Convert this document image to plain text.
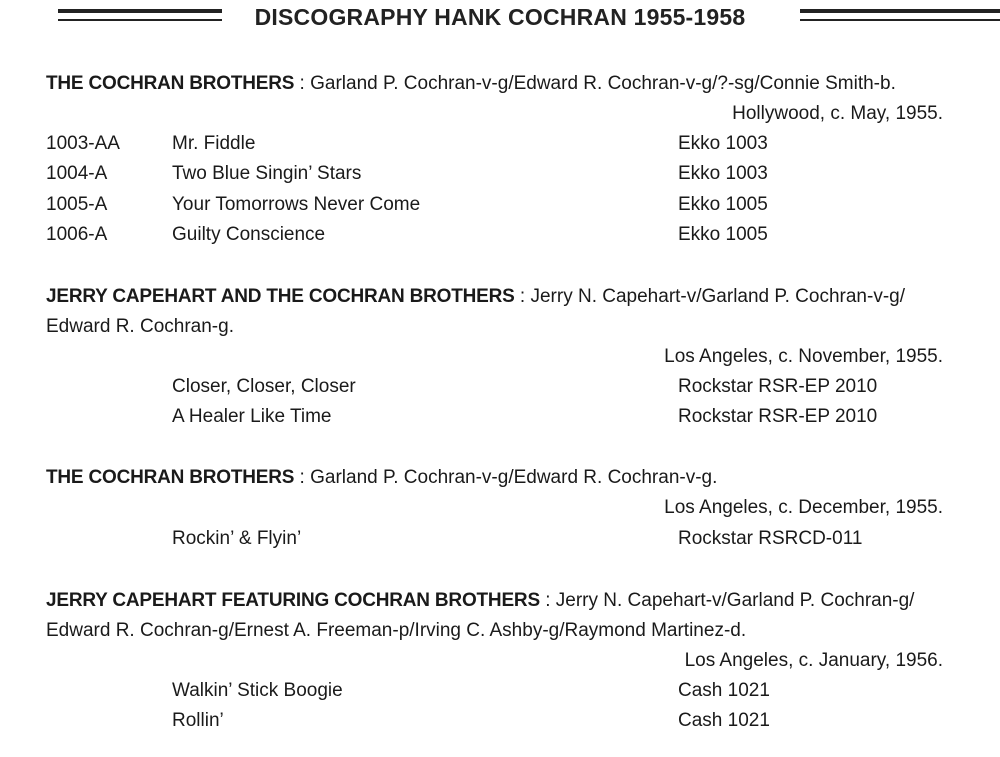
DISCOGRAPHY HANK COCHRAN 1955-1958
THE COCHRAN BROTHERS : Garland P. Cochran-v-g/Edward R. Cochran-v-g/?-sg/Connie Smith-b.
Hollywood, c. May, 1955.
1003-AA	Mr. Fiddle	Ekko 1003
1004-A	Two Blue Singin’ Stars	Ekko 1003
1005-A	Your Tomorrows Never Come	Ekko 1005
1006-A	Guilty Conscience	Ekko 1005
JERRY CAPEHART AND THE COCHRAN BROTHERS : Jerry N. Capehart-v/Garland P. Cochran-v-g/
Edward R. Cochran-g.
Los Angeles, c. November, 1955.
Closer, Closer, Closer	Rockstar RSR-EP 2010
A Healer Like Time	Rockstar RSR-EP 2010
THE COCHRAN BROTHERS : Garland P. Cochran-v-g/Edward R. Cochran-v-g.
Los Angeles, c. December, 1955.
Rockin’ & Flyin’	Rockstar RSRCD-011
JERRY CAPEHART FEATURING COCHRAN BROTHERS : Jerry N. Capehart-v/Garland P. Cochran-g/
Edward R. Cochran-g/Ernest A. Freeman-p/Irving C. Ashby-g/Raymond Martinez-d.
Los Angeles, c. January, 1956.
Walkin’ Stick Boogie	Cash 1021
Rollin’	Cash 1021
